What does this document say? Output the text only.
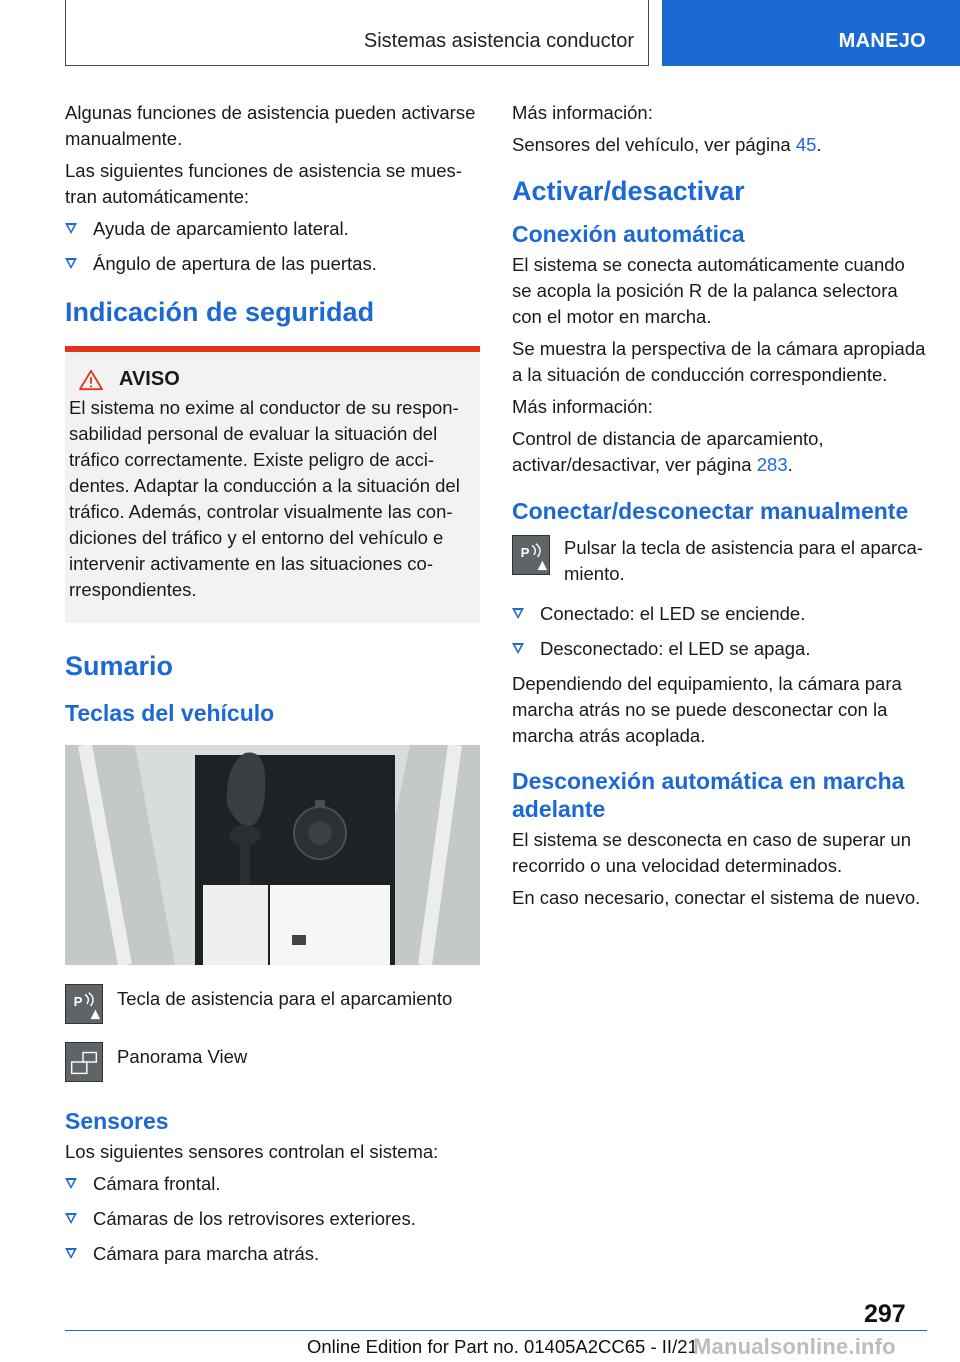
Sistemas asistencia conductor	MANEJO

Algunas funciones de asistencia pueden activarse manualmente.

Las siguientes funciones de asistencia se muestran automáticamente:

Ayuda de aparcamiento lateral.
Ángulo de apertura de las puertas.
Indicación de seguridad
AVISO

El sistema no exime al conductor de su responsabilidad personal de evaluar la situación del tráfico correctamente. Existe peligro de accidentes. Adaptar la conducción a la situación del tráfico. Además, controlar visualmente las condiciones del tráfico y el entorno del vehículo e intervenir activamente en las situaciones correspondientes.

Sumario
Teclas del vehículo
P Tecla de asistencia para el aparcamiento
Panorama View
Sensores

Los siguientes sensores controlan el sistema:

Cámara frontal.
Cámaras de los retrovisores exteriores.
Cámara para marcha atrás.

Más información:

Sensores del vehículo, ver página 45.

Activar/desactivar
Conexión automática

El sistema se conecta automáticamente cuando se acopla la posición R de la palanca selectora con el motor en marcha.

Se muestra la perspectiva de la cámara apropiada a la situación de conducción correspondiente.

Más información:

Control de distancia de aparcamiento, activar/desactivar, ver página 283.

Conectar/desconectar manualmente
P Pulsar la tecla de asistencia para el aparcamiento.
Conectado: el LED se enciende.
Desconectado: el LED se apaga.

Dependiendo del equipamiento, la cámara para marcha atrás no se puede desconectar con la marcha atrás acoplada.

Desconexión automática en marcha adelante

El sistema se desconecta en caso de superar un recorrido o una velocidad determinados.

En caso necesario, conectar el sistema de nuevo.

297
Online Edition for Part no. 01405A2CC65 - II/21
Manualsonline.info
